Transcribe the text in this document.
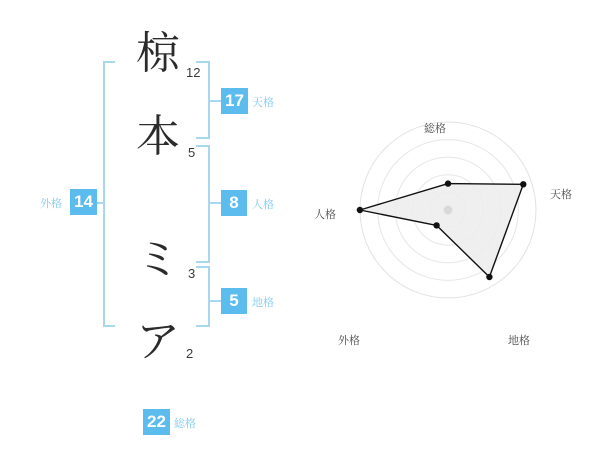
椋
本
ミ
ア
12
5
3
2
17 天格
8	人格
5	地格
14
外格
22 総格
総格
天格
地格
外格
人格
